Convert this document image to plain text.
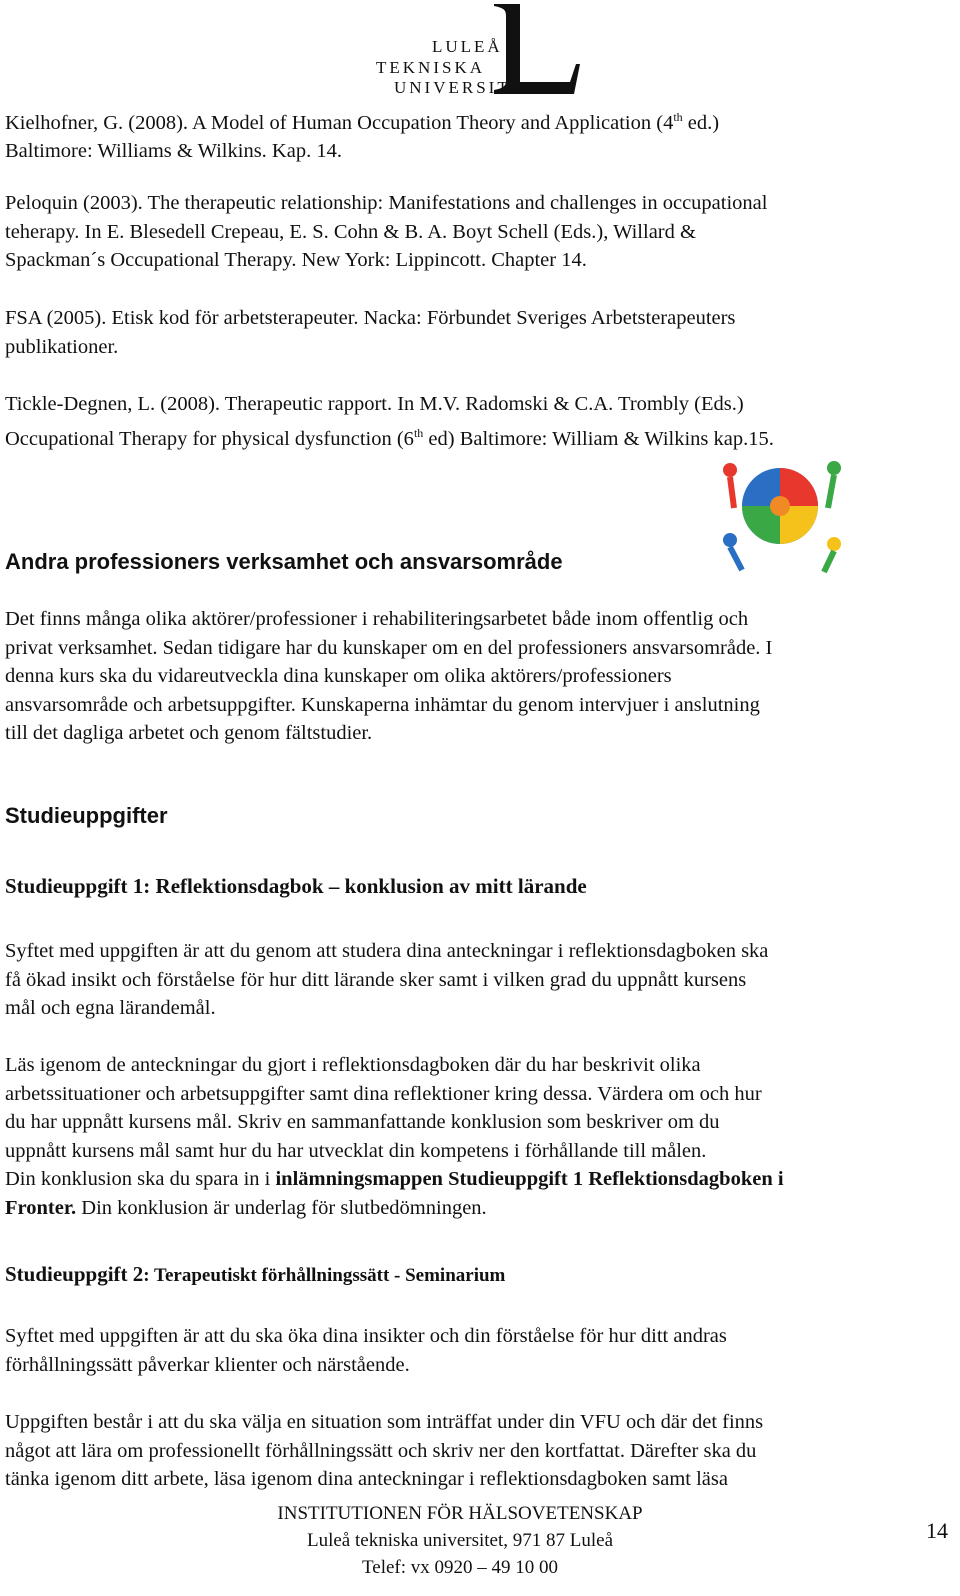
LULEÅ
TEKNISKA
UNIVERSITET
Kielhofner, G. (2008). A Model of Human Occupation Theory and Application (4th ed.)
Baltimore: Williams & Wilkins. Kap. 14.
Peloquin (2003). The therapeutic relationship: Manifestations and challenges in occupational
teherapy. In E. Blesedell Crepeau, E. S. Cohn & B. A. Boyt Schell (Eds.), Willard &
Spackman´s Occupational Therapy. New York: Lippincott. Chapter 14.
FSA (2005). Etisk kod för arbetsterapeuter. Nacka: Förbundet Sveriges Arbetsterapeuters
publikationer.
Tickle-Degnen, L. (2008). Therapeutic rapport. In M.V. Radomski & C.A. Trombly (Eds.)
Occupational Therapy for physical dysfunction (6th ed) Baltimore: William & Wilkins kap.15.
Andra professioners verksamhet och ansvarsområde
Det finns många olika aktörer/professioner i rehabiliteringsarbetet både inom offentlig och
privat verksamhet. Sedan tidigare har du kunskaper om en del professioners ansvarsområde. I
denna kurs ska du vidareutveckla dina kunskaper om olika aktörers/professioners
ansvarsområde och arbetsuppgifter. Kunskaperna inhämtar du genom intervjuer i anslutning
till det dagliga arbetet och genom fältstudier.
Studieuppgifter
Studieuppgift 1: Reflektionsdagbok – konklusion av mitt lärande
Syftet med uppgiften är att du genom att studera dina anteckningar i reflektionsdagboken ska
få ökad insikt och förståelse för hur ditt lärande sker samt i vilken grad du uppnått kursens
mål och egna lärandemål.
Läs igenom de anteckningar du gjort i reflektionsdagboken där du har beskrivit olika
arbetssituationer och arbetsuppgifter samt dina reflektioner kring dessa. Värdera om och hur
du har uppnått kursens mål. Skriv en sammanfattande konklusion som beskriver om du
uppnått kursens mål samt hur du har utvecklat din kompetens i förhållande till målen.
Din konklusion ska du spara in i inlämningsmappen Studieuppgift 1 Reflektionsdagboken i
Fronter. Din konklusion är underlag för slutbedömningen.
Studieuppgift 2: Terapeutiskt förhållningssätt - Seminarium
Syftet med uppgiften är att du ska öka dina insikter och din förståelse för hur ditt andras
förhållningssätt påverkar klienter och närstående.
Uppgiften består i att du ska välja en situation som inträffat under din VFU och där det finns
något att lära om professionellt förhållningssätt och skriv ner den kortfattat. Därefter ska du
tänka igenom ditt arbete, läsa igenom dina anteckningar i reflektionsdagboken samt läsa
INSTITUTIONEN FÖR HÄLSOVETENSKAP
Luleå tekniska universitet, 971 87 Luleå
Telef: vx 0920 – 49 10 00
14
